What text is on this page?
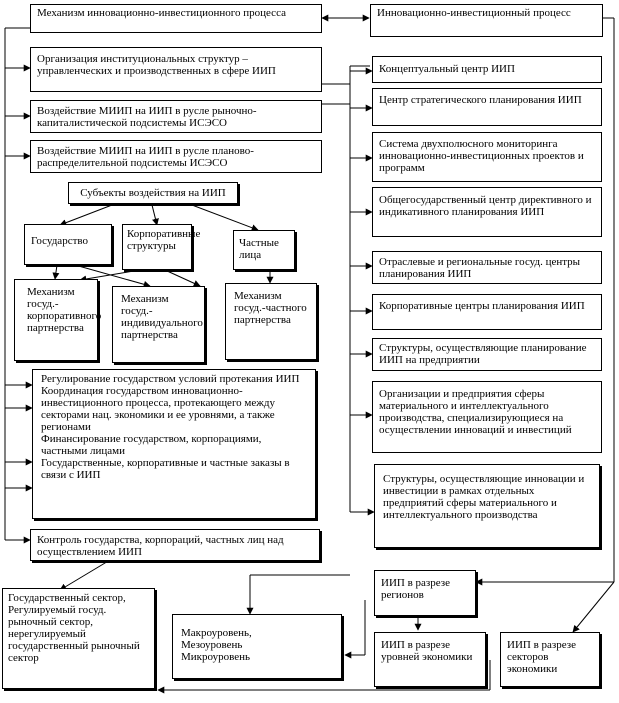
Механизм инновационно-инвестиционного процесса	Инновационно-инвестиционный процесс
Организация институциональных структур – управленческих и производственных в сфере ИИП
Воздействие МИИП на ИИП в русле рыночно-капиталистической подсистемы ИСЭСО
Воздействие МИИП на ИИП в русле планово-распределительной подсистемы ИСЭСО
Субъекты воздействия на ИИП
Государство
Корпоративные структуры	Частные лица
Механизм госуд.-корпоративного партнерства
Механизм госуд.-индивидуального партнерства
Механизм госуд.-частного партнерства
Регулирование государством условий протекания ИИП
Координация государством инновационно-инвестиционного процесса, протекающего между секторами нац. экономики и ее уровнями, а также регионами
Финансирование государством, корпорациями, частными лицами
Государственные, корпоративные и частные заказы в связи с ИИП
Контроль государства, корпораций, частных лиц над осуществлением ИИП
Государственный сектор,
Регулируемый госуд. рыночный сектор,
нерегулируемый государственный рыночный сектор
Макроуровень,
Мезоуровень
Микроуровень
Концептуальный центр ИИП
Центр стратегического планирования ИИП
Система двухполюсного мониторинга инновационно-инвестиционных проектов и программ
Общегосударственный центр директивного и индикативного планирования ИИП
Отраслевые и региональные госуд. центры планирования ИИП
Корпоративные центры планирования ИИП
Структуры, осуществляющие планирование ИИП на предприятии
Организации и предприятия сферы материального и интеллектуального производства, специализирующиеся на осуществлении инноваций и инвестиций
Структуры, осуществляющие инновации и инвестиции в рамках отдельных предприятий сферы материального и интеллектуального производства
ИИП в разрезе регионов
ИИП в разрезе уровней экономики
ИИП в разрезе секторов экономики
